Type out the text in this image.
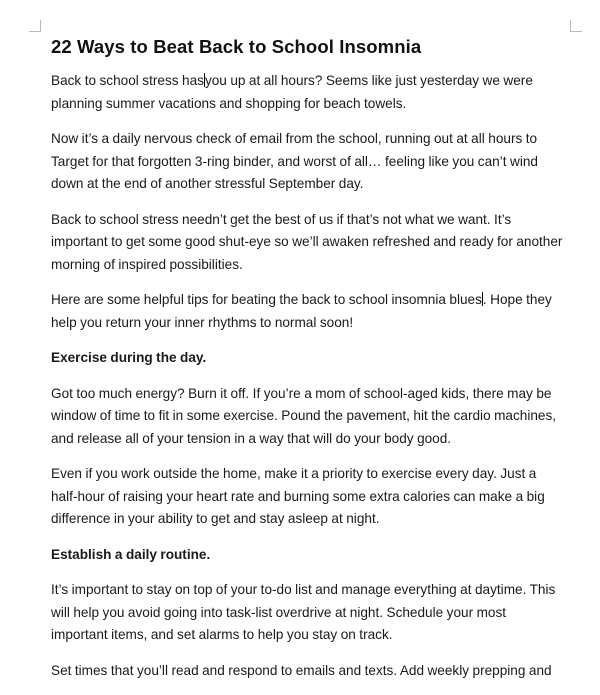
22 Ways to Beat Back to School Insomnia

Back to school stress hasyou up at all hours? Seems like just yesterday we were planning summer vacations and shopping for beach towels.

Now it’s a daily nervous check of email from the school, running out at all hours to Target for that forgotten 3-ring binder, and worst of all… feeling like you can’t wind down at the end of another stressful September day.

Back to school stress needn’t get the best of us if that’s not what we want. It’s important to get some good shut-eye so we’ll awaken refreshed and ready for another morning of inspired possibilities.

Here are some helpful tips for beating the back to school insomnia blues. Hope they help you return your inner rhythms to normal soon!

Exercise during the day.

Got too much energy? Burn it off. If you’re a mom of school-aged kids, there may be window of time to fit in some exercise. Pound the pavement, hit the cardio machines, and release all of your tension in a way that will do your body good.

Even if you work outside the home, make it a priority to exercise every day. Just a half-hour of raising your heart rate and burning some extra calories can make a big difference in your ability to get and stay asleep at night.

Establish a daily routine.

It’s important to stay on top of your to-do list and manage everything at daytime. This will help you avoid going into task-list overdrive at night. Schedule your most important items, and set alarms to help you stay on track.

Set times that you’ll read and respond to emails and texts. Add weekly prepping and
